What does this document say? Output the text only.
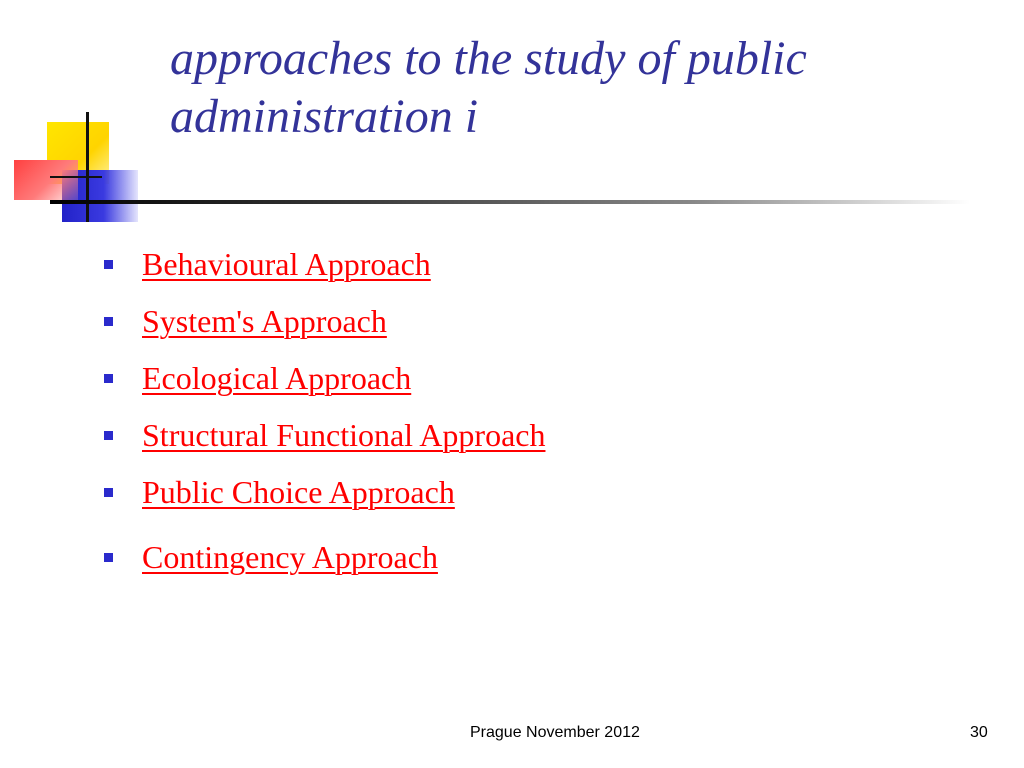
approaches to the study of public administration i
Behavioural Approach
System's Approach
Ecological Approach
Structural Functional Approach
Public Choice Approach
Contingency Approach
Prague November 2012	30
